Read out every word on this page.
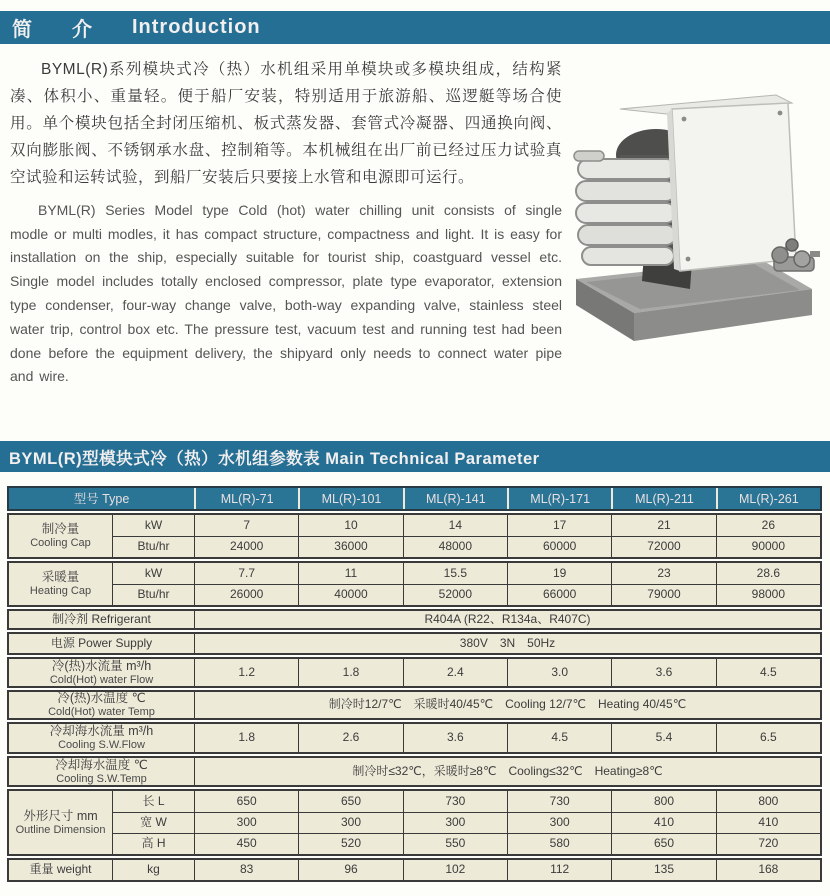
简　介 Introduction

BYML(R)系列模块式冷（热）水机组采用单模块或多模块组成，结构紧凑、体积小、重量轻。便于船厂安装，特别适用于旅游船、巡逻艇等场合使用。单个模块包括全封闭压缩机、板式蒸发器、套管式冷凝器、四通换向阀、双向膨胀阀、不锈钢承水盘、控制箱等。本机械组在出厂前已经过压力试验真空试验和运转试验，到船厂安装后只要接上水管和电源即可运行。

BYML(R) Series Model type Cold (hot) water chilling unit consists of single modle or multi modles, it has compact structure, compactness and light. It is easy for installation on the ship, especially suitable for tourist ship, coastguard vessel etc. Single model includes totally enclosed compressor, plate type evaporator, extension type condenser, four-way change valve, both-way expanding valve, stainless steel water trip, control box etc. The pressure test, vacuum test and running test had been done before the equipment delivery, the shipyard only needs to connect water pipe and wire.

BYML(R)型模块式冷（热）水机组参数表 Main Technical Parameter
型号 Type	ML(R)-71	ML(R)-101	ML(R)-141	ML(R)-171	ML(R)-211	ML(R)-261
制冷量
Cooling Cap
kW	7	10	14	17	21	26
Btu/hr	24000	36000	48000	60000	72000	90000
采暖量
Heating Cap
kW	7.7	11	15.5	19	23	28.6
Btu/hr	26000	40000	52000	66000	79000	98000
制冷剂 Refrigerant	R404A (R22、R134a、R407C)
电源 Power Supply	380V　3N　50Hz
冷(热)水流量 m³/h
Cold(Hot) water Flow
1.2	1.8	2.4	3.0	3.6	4.5
冷(热)水温度 ℃
Cold(Hot) water Temp
制冷时12/7℃　采暖时40/45℃　Cooling 12/7℃　Heating 40/45℃
冷却海水流量 m³/h
Cooling S.W.Flow
1.8	2.6	3.6	4.5	5.4	6.5
冷却海水温度 ℃
Cooling S.W.Temp
制冷时≤32℃，采暖时≥8℃　Cooling≤32℃　Heating≥8℃
外形尺寸 mm
Outline Dimension
长 L	650	650	730	730	800	800
宽 W	300	300	300	300	410	410
高 H	450	520	550	580	650	720
重量 weight	kg	83	96	102	112	135	168
